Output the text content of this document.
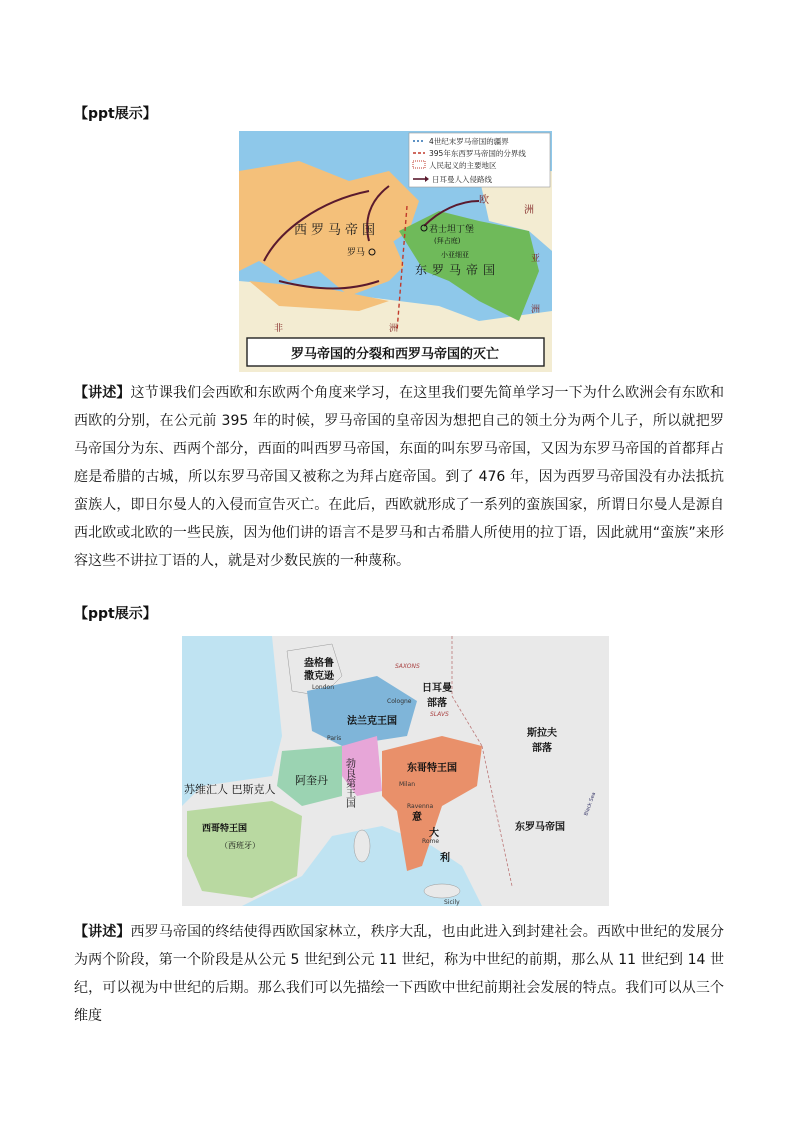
【ppt展示】
4世纪末罗马帝国的疆界
395年东西罗马帝国的分界线
人民起义的主要地区
日耳曼人入侵路线
欧
洲
西罗马帝国
罗马
君士坦丁堡
(拜占庭)
小亚细亚
东罗马帝国
亚
洲
非	洲
罗马帝国的分裂和西罗马帝国的灭亡
【讲述】这节课我们会西欧和东欧两个角度来学习，在这里我们要先简单学习一下为什么欧洲会有东欧和西欧的分别，在公元前 395 年的时候，罗马帝国的皇帝因为想把自己的领土分为两个儿子，所以就把罗马帝国分为东、西两个部分，西面的叫西罗马帝国，东面的叫东罗马帝国，又因为东罗马帝国的首都拜占庭是希腊的古城，所以东罗马帝国又被称之为拜占庭帝国。到了 476 年，因为西罗马帝国没有办法抵抗蛮族人，即日尔曼人的入侵而宣告灭亡。在此后，西欧就形成了一系列的蛮族国家，所谓日尔曼人是源自西北欧或北欧的一些民族，因为他们讲的语言不是罗马和古希腊人所使用的拉丁语，因此就用“蛮族”来形容这些不讲拉丁语的人，就是对少数民族的一种蔑称。
【ppt展示】
盎格鲁
撒克逊
London
SAXONS
日耳曼
部落
SLAVS
斯拉夫
部落
Cologne
法兰克王国
Paris
勃良第王国	东哥特王国
Milan
Ravenna
意
大
Rome
利
Sicily
阿奎丹
苏维汇人 巴斯克人
西哥特王国
（西班牙）
东罗马帝国
Black Sea
【讲述】西罗马帝国的终结使得西欧国家林立，秩序大乱，也由此进入到封建社会。西欧中世纪的发展分为两个阶段，第一个阶段是从公元 5 世纪到公元 11 世纪，称为中世纪的前期，那么从 11 世纪到 14 世纪，可以视为中世纪的后期。那么我们可以先描绘一下西欧中世纪前期社会发展的特点。我们可以从三个维度
